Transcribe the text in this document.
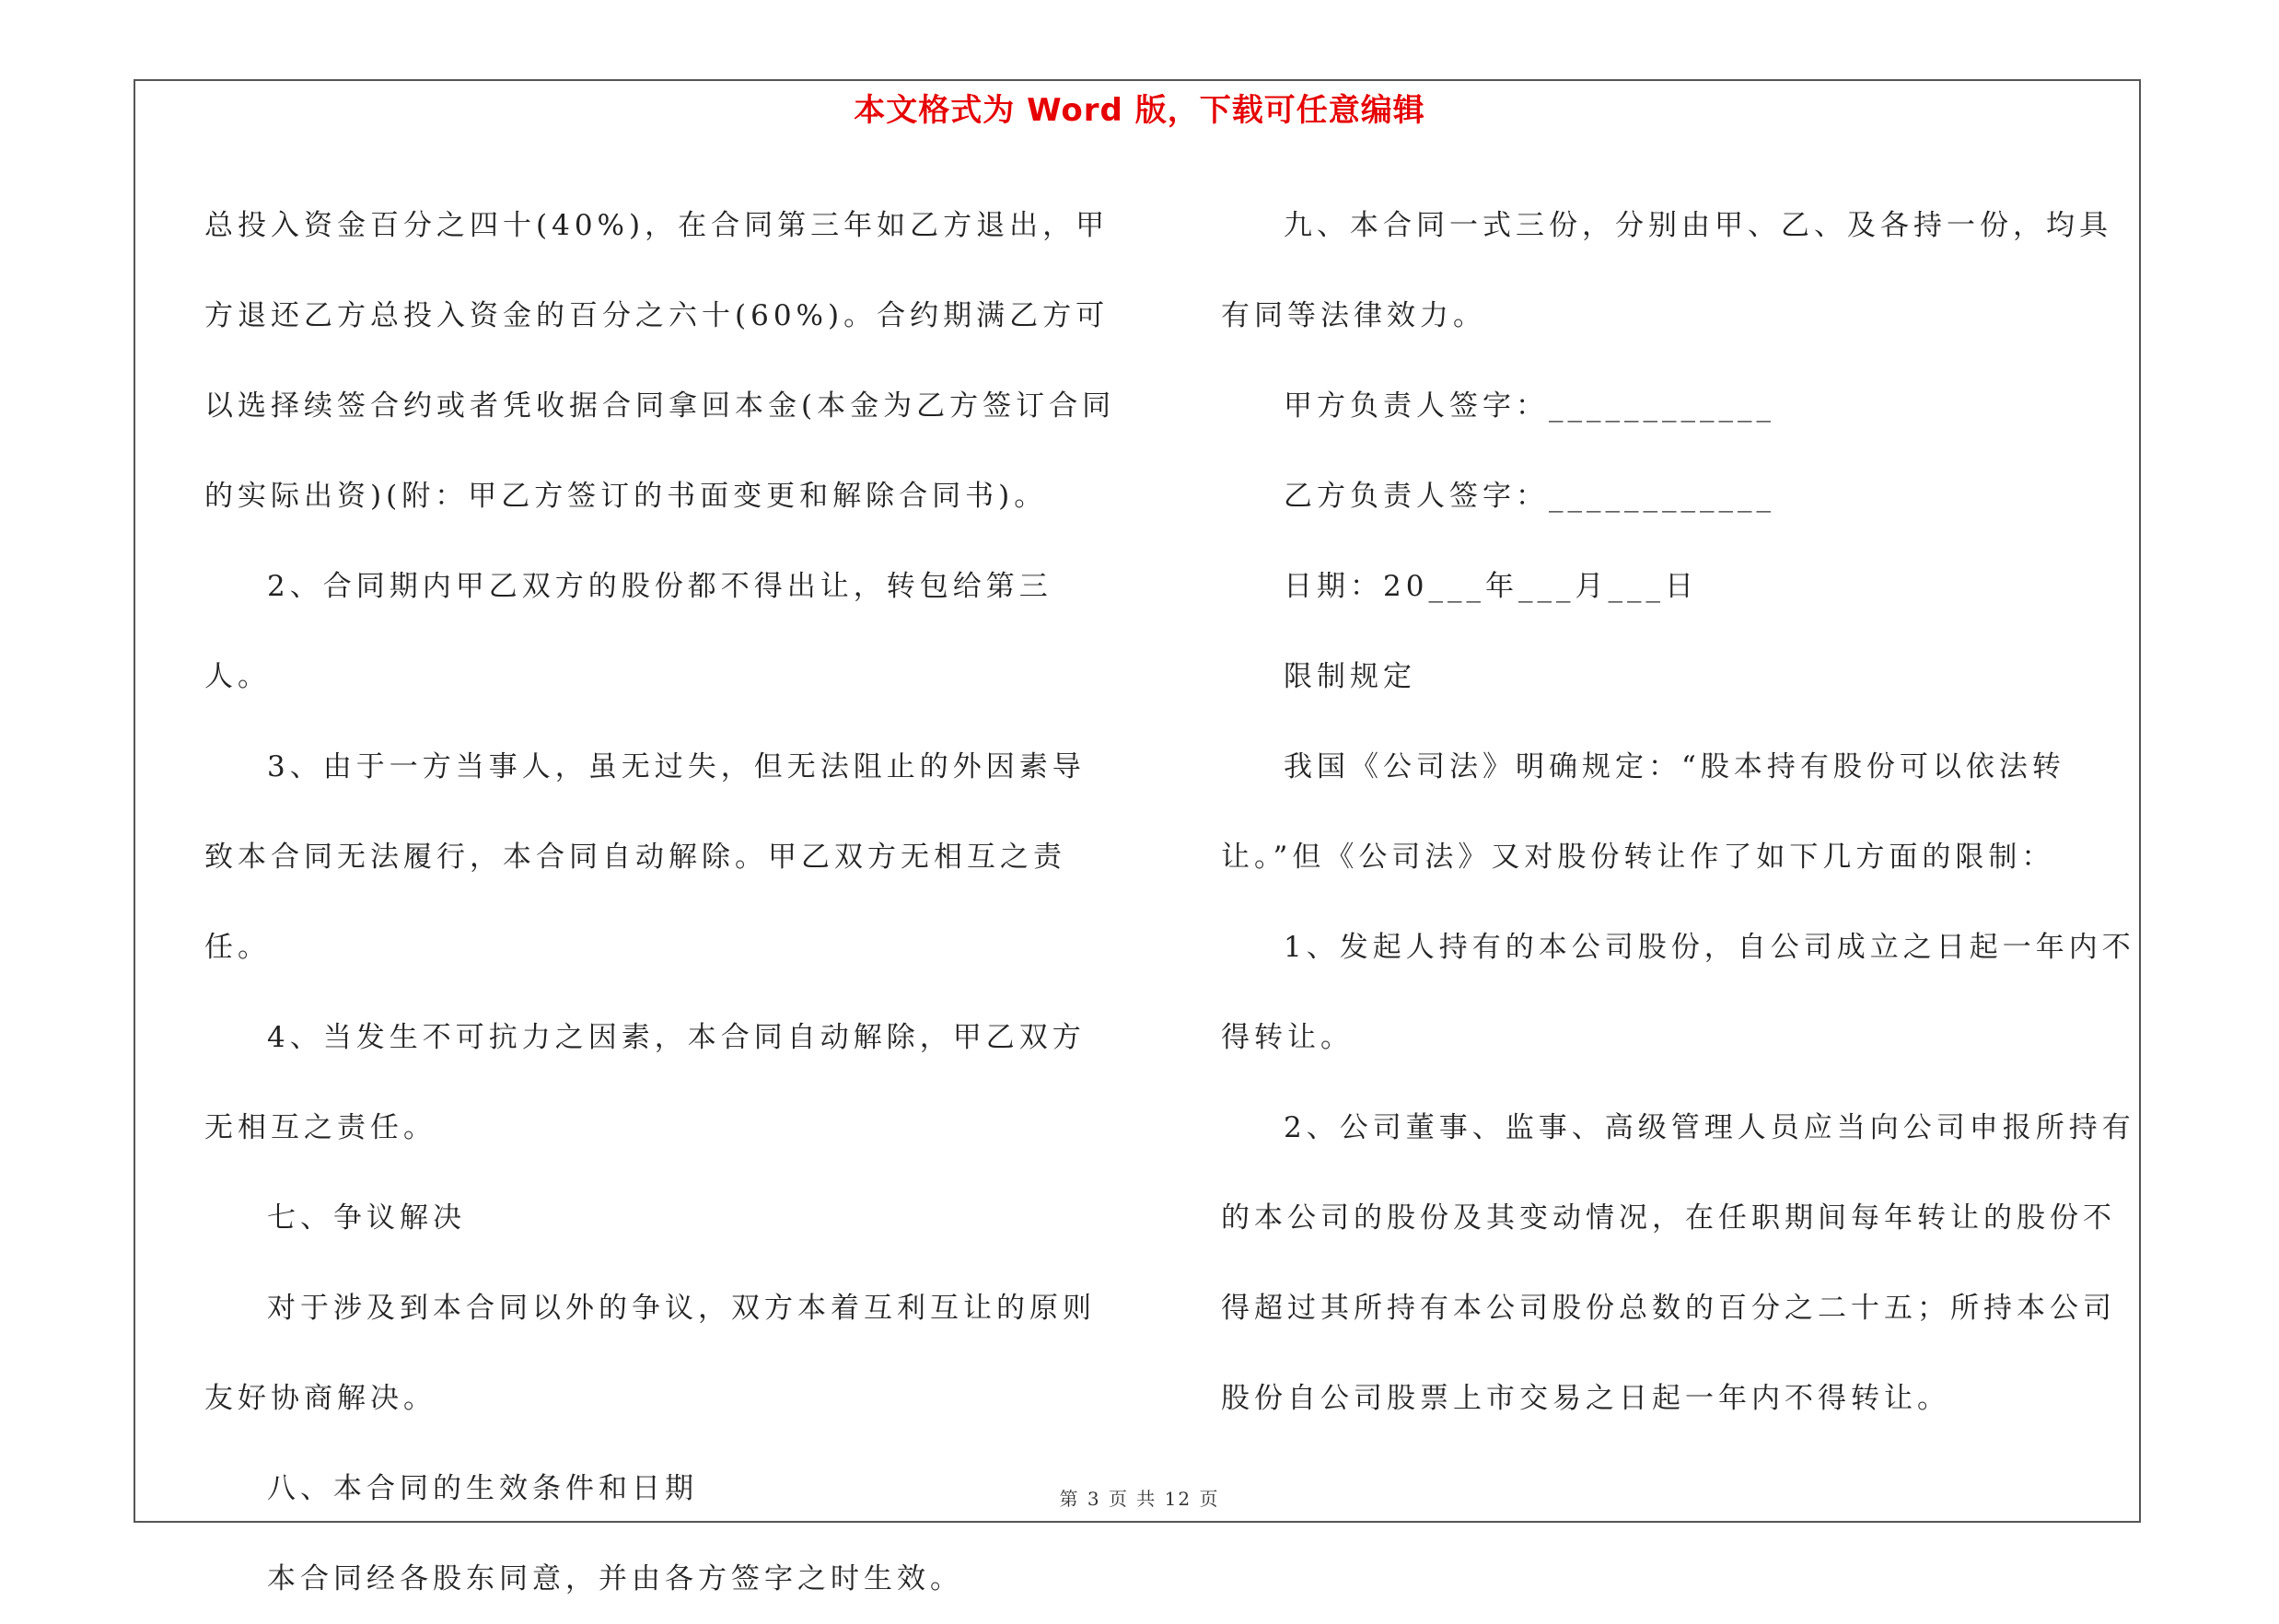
本文格式为 Word 版，下载可任意编辑

总投入资金百分之四十(40%)，在合同第三年如乙方退出，甲方退还乙方总投入资金的百分之六十(60%)。合约期满乙方可以选择续签合约或者凭收据合同拿回本金(本金为乙方签订合同的实际出资)(附：甲乙方签订的书面变更和解除合同书)。

2、合同期内甲乙双方的股份都不得出让，转包给第三人。

3、由于一方当事人，虽无过失，但无法阻止的外因素导致本合同无法履行，本合同自动解除。甲乙双方无相互之责任。

4、当发生不可抗力之因素，本合同自动解除，甲乙双方无相互之责任。

七、争议解决

对于涉及到本合同以外的争议，双方本着互利互让的原则友好协商解决。

八、本合同的生效条件和日期

本合同经各股东同意，并由各方签字之时生效。

九、本合同一式三份，分别由甲、乙、及各持一份，均具有同等法律效力。

甲方负责人签字：____________

乙方负责人签字：____________

日期：20___年___月___日

限制规定

我国《公司法》明确规定：“股本持有股份可以依法转让。”但《公司法》又对股份转让作了如下几方面的限制：

1、发起人持有的本公司股份，自公司成立之日起一年内不得转让。

2、公司董事、监事、高级管理人员应当向公司申报所持有的本公司的股份及其变动情况，在任职期间每年转让的股份不得超过其所持有本公司股份总数的百分之二十五；所持本公司股份自公司股票上市交易之日起一年内不得转让。

第 3 页 共 12 页
